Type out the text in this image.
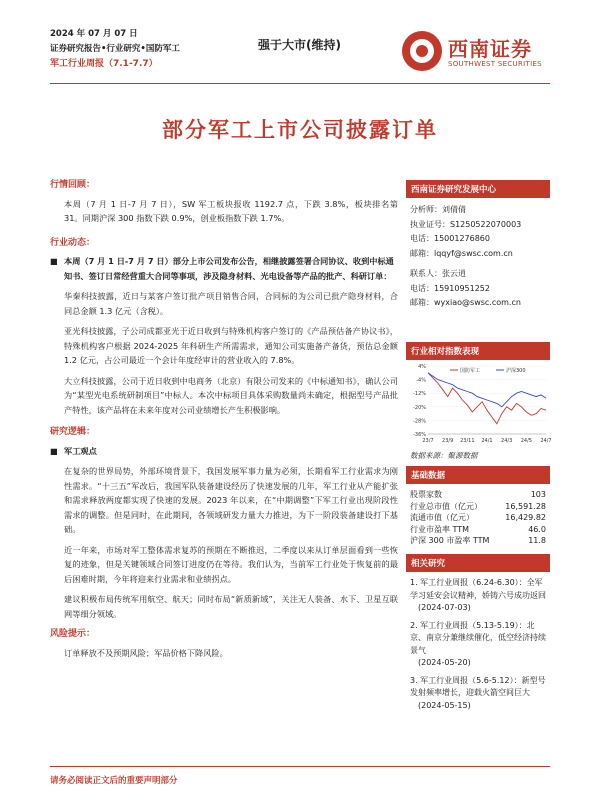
2024 年 07 月 07 日
证券研究报告•行业研究•国防军工
军工行业周报（7.1-7.7）
强于大市(维持)	西南证券
SOUTHWEST SECURITIES
部分军工上市公司披露订单
行情回顾：
本周（7 月 1 日-7 月 7 日），SW 军工板块报收 1192.7 点，下跌 3.8%，板块排名第 31。同期沪深 300 指数下跌 0.9%，创业板指数下跌 1.7%。
行业动态：
■ 本周（7 月 1 日-7 月 7 日）部分上市公司发布公告，相继披露签署合同协议、收到中标通知书、签订日常经营重大合同等事项，涉及隐身材料、光电设备等产品的批产、科研订单：
华秦科技披露，近日与某客户签订批产项目销售合同，合同标的为公司已批产隐身材料，合同总金额 1.3 亿元（含税）。
亚光科技披露，子公司成都亚光于近日收到与特殊机构客户签订的《产品预估备产协议书》，特殊机构客户根据 2024-2025 年科研生产所需需求，通知公司实施备产备货，预估总金额 1.2 亿元，占公司最近一个会计年度经审计的营业收入的 7.8%。
大立科技披露，公司于近日收到中电商务（北京）有限公司发来的《中标通知书》，确认公司为“某型光电系统研制项目”中标人。本次中标项目具体采购数量尚未确定，根据型号产品批产特性，该产品将在未来年度对公司业绩增长产生积极影响。
研究逻辑：
■ 军工观点
在复杂的世界局势，外部环境背景下，我国发展军事力量为必须，长期看军工行业需求为刚性需求。“十三五”军改后，我国军队装备建设经历了快速发展的几年，军工行业从产能扩张和需求释放两度都实现了快速的发展。2023 年以来，在“中期调整”下军工行业出现阶段性需求的调整。但是同时，在此期间，各领域研发力量大力推进，为下一阶段装备建设打下基础。
近一年来，市场对军工整体需求复苏的预期在不断推迟，二季度以来从订单层面看到一些恢复的迹象，但是关键领域合同签订进度仍在等待。我们认为，当前军工行业处于恢复前的最后困难时期，今年将迎来行业需求和业绩拐点。
建议积极布局传统军用航空、航天；同时布局“新质新域”，关注无人装备、水下、卫星互联网等细分领域。
风险提示：
订单释放不及预期风险；军品价格下降风险。
西南证券研究发展中心
分析师：刘倩倩
执业证号：S1250522070003
电话：15001276860
邮箱：lqqyf@swsc.com.cn
联系人：张云逍
电话：15910951252
邮箱：wyxiao@swsc.com.cn
行业相对指数表现
4%
-4%
-12%
-20%
-28%
-36%
23/7 23/9 23/11 24/1 24/3 24/5 24/7
国防军工	沪深300
数据来源：聚源数据
基础数据
股票家数	103
行业总市值（亿元）	16,591.28
流通市值（亿元）	16,429.82
行业市盈率 TTM	46.0
沪深 300 市盈率 TTM	11.8
相关研究
1. 军工行业周报（6.24-6.30）：全军学习延安会议精神，娇铸六号成功返回
(2024-07-03)
2. 军工行业周报（5.13-5.19）：北京、南京分兼继续催化，低空经济持续景气
(2024-05-20)
3. 军工行业周报（5.6-5.12）：新型号发射频率增长，迎载火箭空间巨大
(2024-05-15)
请务必阅读正文后的重要声明部分
